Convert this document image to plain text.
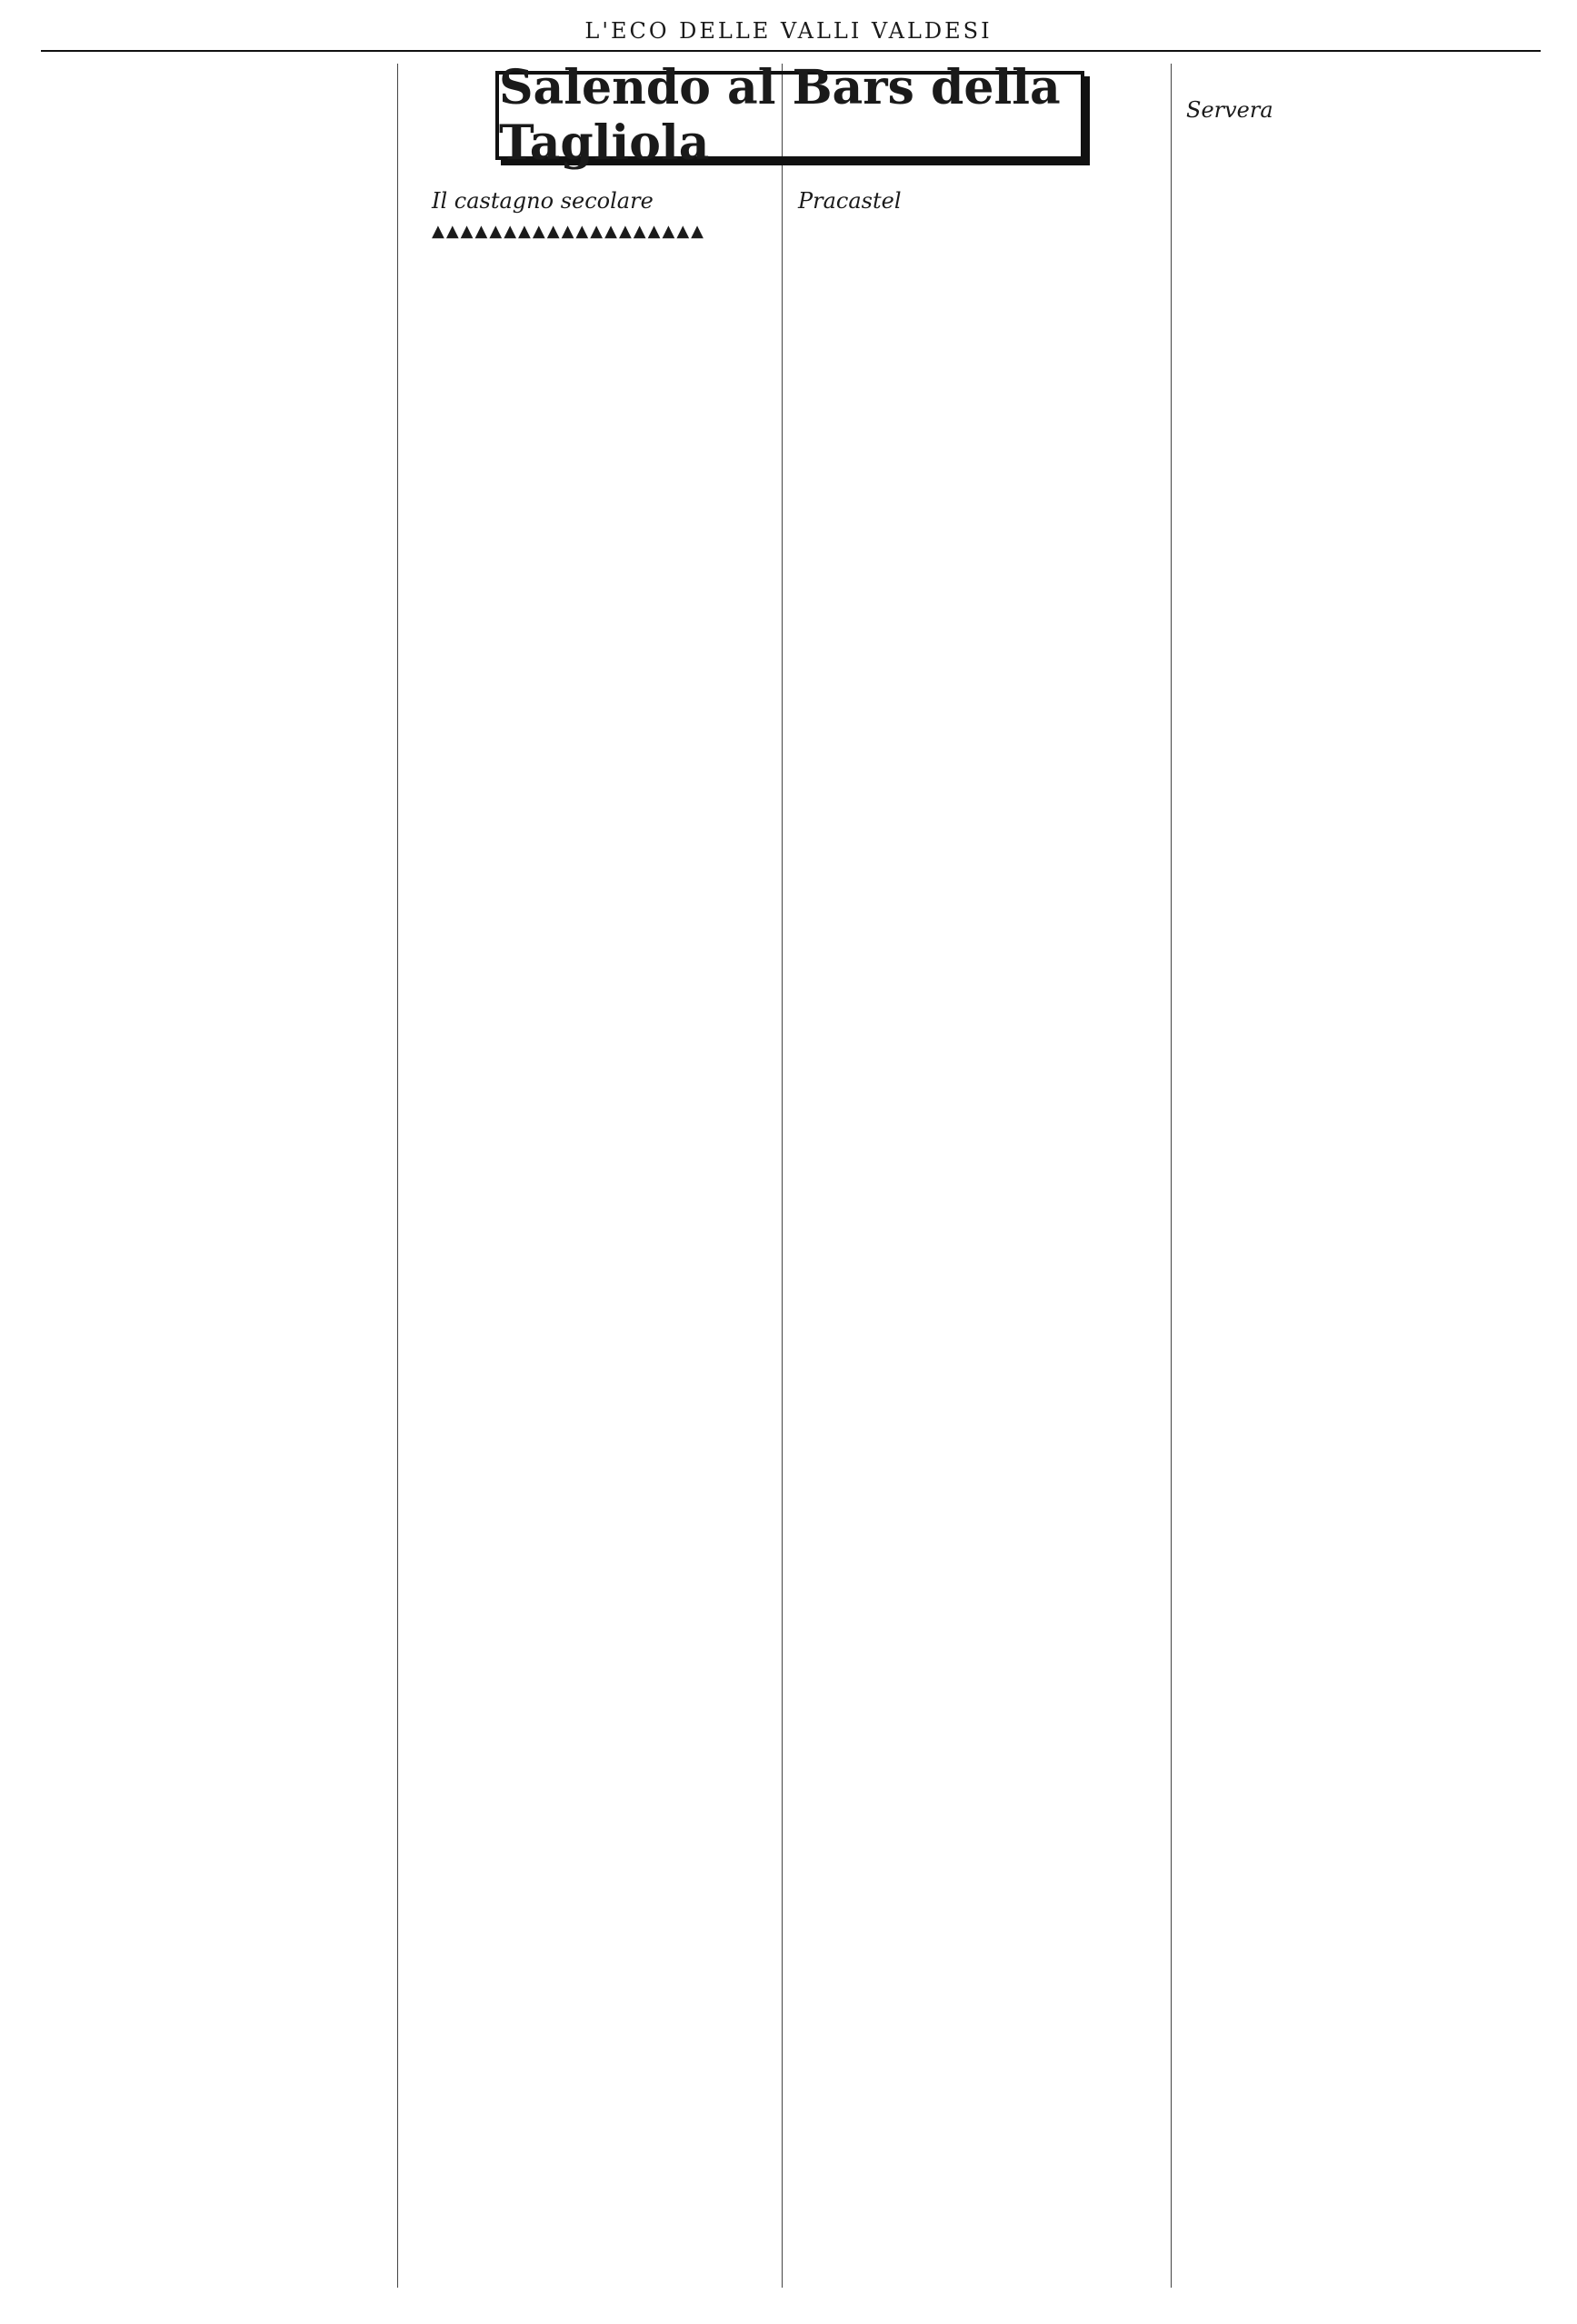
L'ECO DELLE VALLI VALDESI
Salendo al Bars della Tagliola
Il castagno secolare
▲▲▲▲▲▲▲▲▲▲▲▲▲▲▲▲▲▲▲
Pracastel
Servera
